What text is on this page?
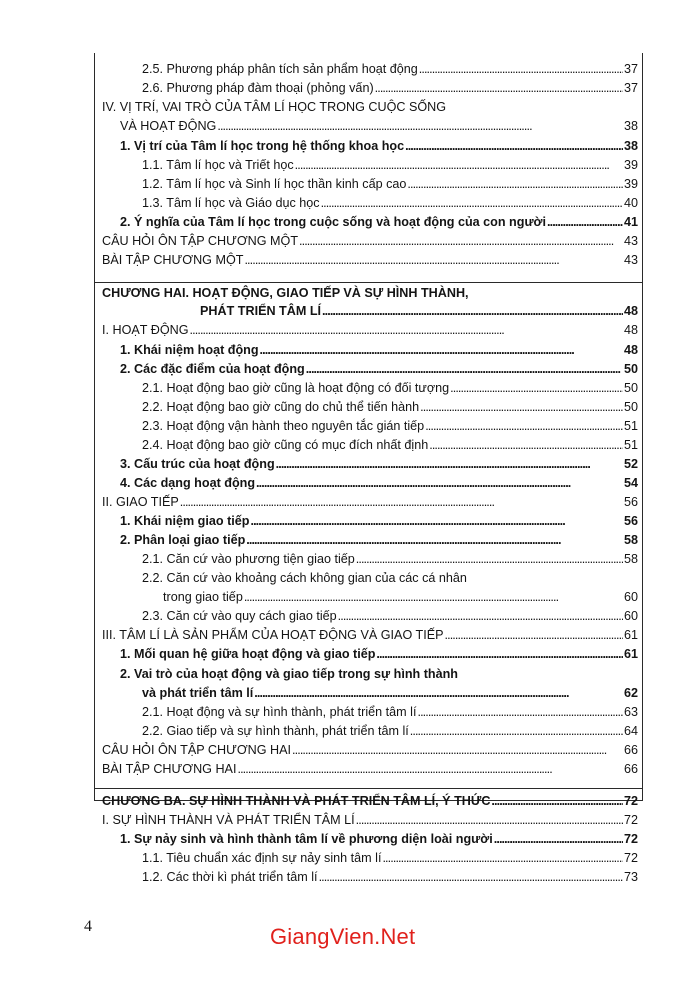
2.5. Phương pháp phân tích sản phẩm hoạt động . . .	37
2.6. Phương pháp đàm thoại (phỏng vấn) . . .	37
IV. VỊ TRÍ, VAI TRÒ CỦA TÂM LÍ HỌC TRONG CUỘC SỐNG
VÀ HOẠT ĐỘNG . . .	38
1. Vị trí của Tâm lí học trong hệ thống khoa học . . .	38
1.1. Tâm lí học và Triết học . . .	39
1.2. Tâm lí học và Sinh lí học thần kinh cấp cao . . .	39
1.3. Tâm lí học và Giáo dục học . . .	40
2. Ý nghĩa của Tâm lí học trong cuộc sống và hoạt động của con người . . .	41
CÂU HỎI ÔN TẬP CHƯƠNG MỘT . . .	43
BÀI TẬP CHƯƠNG MỘT . . .	43
CHƯƠNG HAI. HOẠT ĐỘNG, GIAO TIẾP VÀ SỰ HÌNH THÀNH,
PHÁT TRIỂN TÂM LÍ . . .	48
I. HOẠT ĐỘNG . . .	48
1. Khái niệm hoạt động . . .	48
2. Các đặc điểm của hoạt động . . .	50
2.1. Hoạt động bao giờ cũng là hoạt động có đối tượng . . .	50
2.2. Hoạt động bao giờ cũng do chủ thể tiến hành . . .	50
2.3. Hoạt động vận hành theo nguyên tắc gián tiếp . . .	51
2.4. Hoạt động bao giờ cũng có mục đích nhất định . . .	51
3. Cấu trúc của hoạt động . . .	52
4. Các dạng hoạt động . . .	54
II. GIAO TIẾP . . .	56
1. Khái niệm giao tiếp . . .	56
2. Phân loại giao tiếp . . .	58
2.1. Căn cứ vào phương tiện giao tiếp . . .	58
2.2. Căn cứ vào khoảng cách không gian của các cá nhân
trong giao tiếp . . .	60
2.3. Căn cứ vào quy cách giao tiếp . . .	60
III. TÂM LÍ LÀ SẢN PHẨM CỦA HOẠT ĐỘNG VÀ GIAO TIẾP . . .	61
1. Mối quan hệ giữa hoạt động và giao tiếp . . .	61
2. Vai trò của hoạt động và giao tiếp trong sự hình thành
và phát triển tâm lí . . .	62
2.1. Hoạt động và sự hình thành, phát triển tâm lí . . .	63
2.2. Giao tiếp và sự hình thành, phát triển tâm lí . . .	64
CÂU HỎI ÔN TẬP CHƯƠNG HAI . . .	66
BÀI TẬP CHƯƠNG HAI . . .	66
CHƯƠNG BA. SỰ HÌNH THÀNH VÀ PHÁT TRIỂN TÂM LÍ, Ý THỨC . . .	72
I. SỰ HÌNH THÀNH VÀ PHÁT TRIỂN TÂM LÍ . . .	72
1. Sự nảy sinh và hình thành tâm lí về phương diện loài người . . .	72
1.1. Tiêu chuẩn xác định sự nảy sinh tâm lí . . .	72
1.2. Các thời kì phát triển tâm lí . . .	73
4	GiangVien.Net
